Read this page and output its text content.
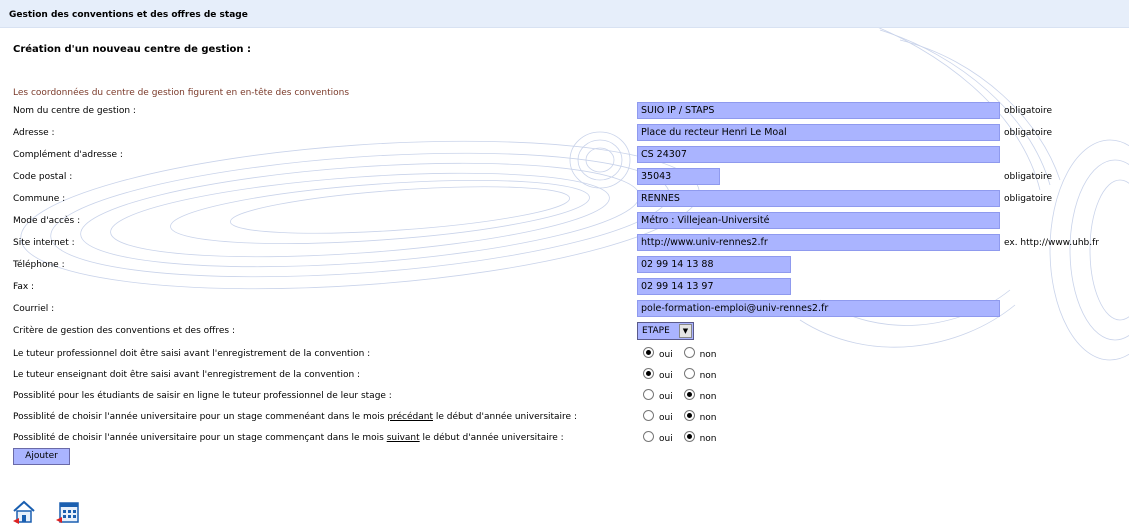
Gestion des conventions et des offres de stage
Création d'un nouveau centre de gestion :
Les coordonnées du centre de gestion figurent en en-tête des conventions
Nom du centre de gestion :	SUIO IP / STAPS	obligatoire
Adresse :	Place du recteur Henri Le Moal	obligatoire
Complément d'adresse :	CS 24307
Code postal :	35043	obligatoire
Commune :	RENNES	obligatoire
Mode d'accès :	Métro : Villejean-Université
Site internet :	http://www.univ-rennes2.fr	ex. http://www.uhb.fr
Téléphone :	02 99 14 13 88
Fax :	02 99 14 13 97
Courriel :	pole-formation-emploi@univ-rennes2.fr
Critère de gestion des conventions et des offres :	ETAPE	▼
Le tuteur professionnel doit être saisi avant l'enregistrement de la convention :	oui	non
Le tuteur enseignant doit être saisi avant l'enregistrement de la convention :	oui	non
Possiblité pour les étudiants de saisir en ligne le tuteur professionnel de leur stage :	oui	non
Possiblité de choisir l'année universitaire pour un stage commenéant dans le mois précédant le début d'année universitaire :	oui	non
Possiblité de choisir l'année universitaire pour un stage commençant dans le mois suivant le début d'année universitaire :	oui	non
Ajouter
